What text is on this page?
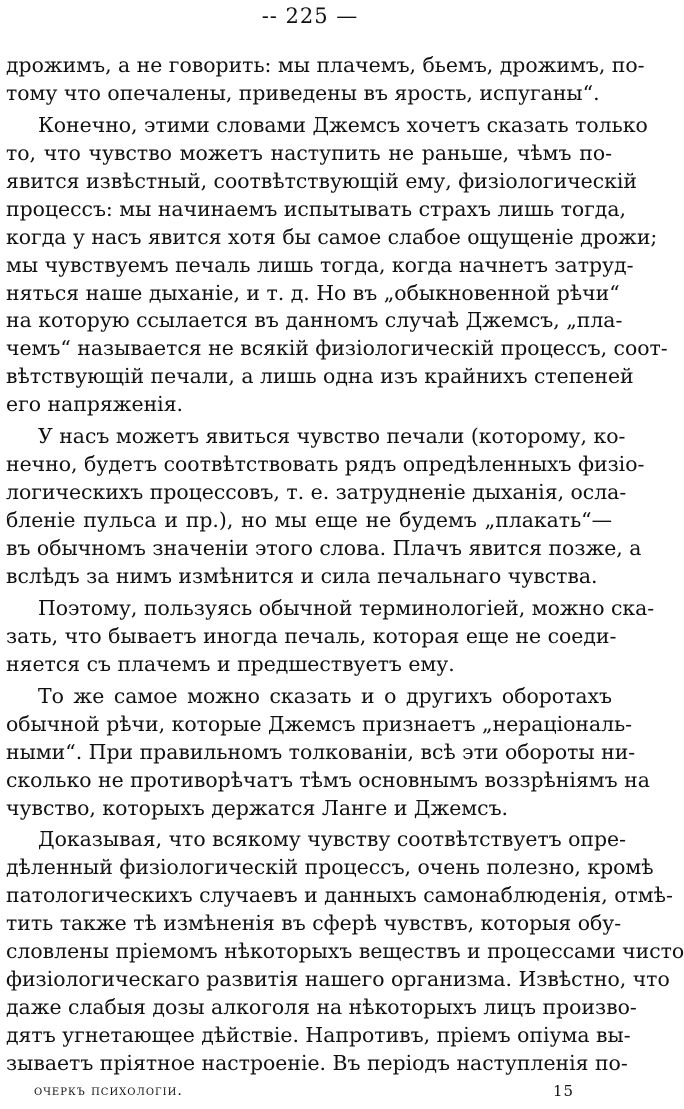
-- 225 —
дрожимъ, а не говорить: мы плачемъ, бьемъ, дрожимъ, по-
тому что опечалены, приведены въ ярость, испуганы“.
Конечно, этими словами Джемсъ хочетъ сказать только
то, что чувство можетъ наступить не раньше, чѣмъ по-
явится извѣстный, соотвѣтствующій ему, физіологическій
процессъ: мы начинаемъ испытывать страхъ лишь тогда,
когда у насъ явится хотя бы самое слабое ощущеніе дрожи;
мы чувствуемъ печаль лишь тогда, когда начнетъ затруд-
няться наше дыханіе, и т. д. Но въ „обыкновенной рѣчи“
на которую ссылается въ данномъ случаѣ Джемсъ, „пла-
чемъ“ называется не всякій физіологическій процессъ, соот-
вѣтствующій печали, а лишь одна изъ крайнихъ степеней
его напряженія.
У насъ можетъ явиться чувство печали (которому, ко-
нечно, будетъ соотвѣтствовать рядъ опредѣленныхъ физіо-
логическихъ процессовъ, т. е. затрудненіе дыханія, осла-
бленіе пульса и пр.), но мы еще не будемъ „плакать“—
въ обычномъ значеніи этого слова. Плачъ явится позже, а
вслѣдъ за нимъ измѣнится и сила печальнаго чувства.
Поэтому, пользуясь обычной терминологіей, можно ска-
зать, что бываетъ иногда печаль, которая еще не соеди-
няется съ плачемъ и предшествуетъ ему.
То же самое можно сказать и о другихъ оборотахъ
обычной рѣчи, которые Джемсъ признаетъ „нераціональ-
ными“. При правильномъ толкованіи, всѣ эти обороты ни-
сколько не противорѣчатъ тѣмъ основнымъ воззрѣніямъ на
чувство, которыхъ держатся Ланге и Джемсъ.
Доказывая, что всякому чувству соотвѣтствуетъ опре-
дѣленный физіологическій процессъ, очень полезно, кромѣ
патологическихъ случаевъ и данныхъ самонаблюденія, отмѣ-
тить также тѣ измѣненія въ сферѣ чувствъ, которыя обу-
словлены пріемомъ нѣкоторыхъ веществъ и процессами чисто
физіологическаго развитія нашего организма. Извѣстно, что
даже слабыя дозы алкоголя на нѣкоторыхъ лицъ произво-
дятъ угнетающее дѣйствіе. Напротивъ, пріемъ опіума вы-
зываетъ пріятное настроеніе. Въ періодъ наступленія по-
очеркъ психологіи.	15
